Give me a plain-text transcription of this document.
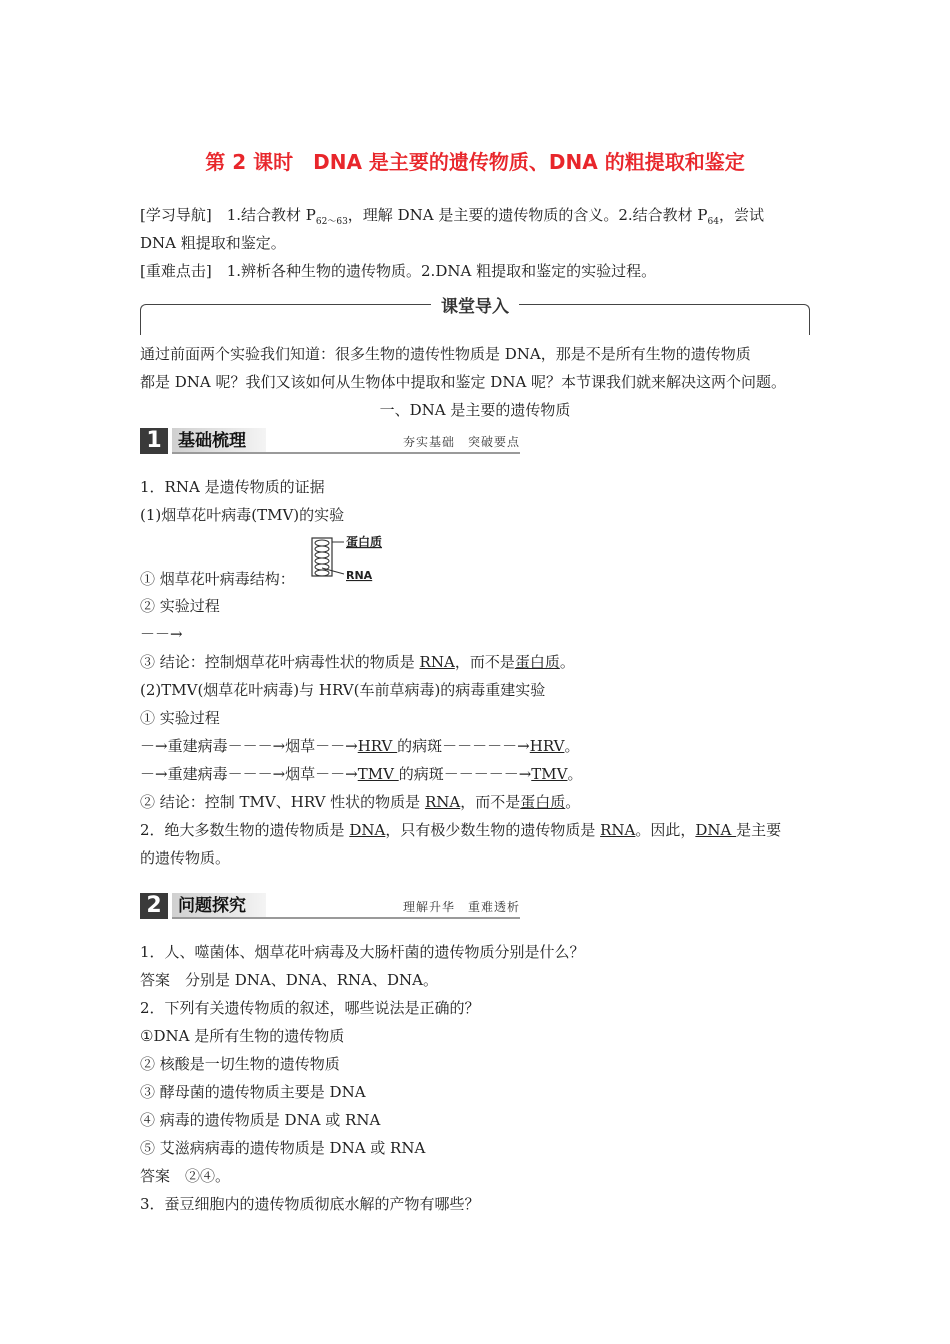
第 2 课时　DNA 是主要的遗传物质、DNA 的粗提取和鉴定
[学习导航]　1.结合教材 $P_{62\sim 63}$，理解 DNA 是主要的遗传物质的含义。2.结合教材 $P_{64}$，尝试
DNA 粗提取和鉴定。
[重难点击]　1.辨析各种生物的遗传物质。2.DNA 粗提取和鉴定的实验过程。
课堂导入
通过前面两个实验我们知道：很多生物的遗传性物质是 DNA，那是不是所有生物的遗传物质
都是 DNA 呢？我们又该如何从生物体中提取和鉴定 DNA 呢？本节课我们就来解决这两个问题。
一、DNA 是主要的遗传物质
1 基础梳理	夯实基础　突破要点
1．RNA 是遗传物质的证据
(1)烟草花叶病毒(TMV)的实验
蛋白质
RNA
① 烟草花叶病毒结构：
② 实验过程
－－→
③ 结论：控制烟草花叶病毒性状的物质是 RNA，而不是蛋白质。
(2)TMV(烟草花叶病毒)与 HRV(车前草病毒)的病毒重建实验
① 实验过程
－→重建病毒－－－→烟草－－→HRV 的病斑－－－－－→HRV。
－→重建病毒－－－→烟草－－→TMV 的病斑－－－－－→TMV。
② 结论：控制 TMV、HRV 性状的物质是 RNA，而不是蛋白质。
2．绝大多数生物的遗传物质是 DNA，只有极少数生物的遗传物质是 RNA。因此，DNA 是主要
的遗传物质。
2 问题探究	理解升华　重难透析
1．人、噬菌体、烟草花叶病毒及大肠杆菌的遗传物质分别是什么？
答案　分别是 DNA、DNA、RNA、DNA。
2．下列有关遗传物质的叙述，哪些说法是正确的？
①DNA 是所有生物的遗传物质
② 核酸是一切生物的遗传物质
③ 酵母菌的遗传物质主要是 DNA
④ 病毒的遗传物质是 DNA 或 RNA
⑤ 艾滋病病毒的遗传物质是 DNA 或 RNA
答案　②④。
3．蚕豆细胞内的遗传物质彻底水解的产物有哪些？
